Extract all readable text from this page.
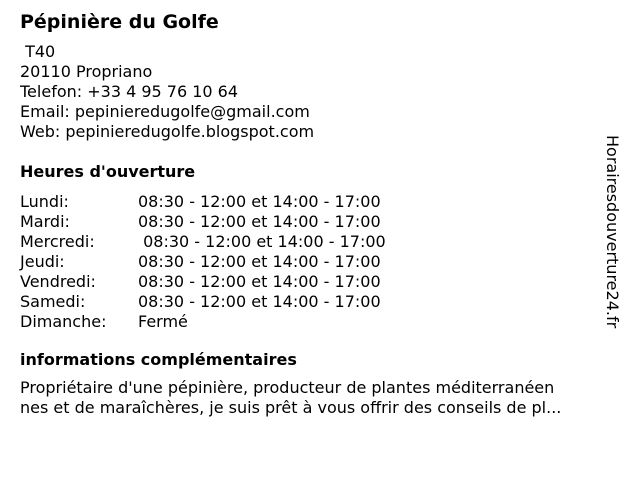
Pépinière du Golfe
T40
20110 Propriano
Telefon: +33 4 95 76 10 64
Email: pepinieredugolfe@gmail.com
Web: pepinieredugolfe.blogspot.com
Heures d'ouverture
Lundi:	08:30 - 12:00 et 14:00 - 17:00
Mardi:	08:30 - 12:00 et 14:00 - 17:00
Mercredi:	08:30 - 12:00 et 14:00 - 17:00
Jeudi:	08:30 - 12:00 et 14:00 - 17:00
Vendredi:	08:30 - 12:00 et 14:00 - 17:00
Samedi:	08:30 - 12:00 et 14:00 - 17:00
Dimanche:	Fermé
informations complémentaires
Propriétaire d'une pépinière, producteur de plantes méditerranéen
nes et de maraîchères, je suis prêt à vous offrir des conseils de pl...
Horairesdouverture24.fr
